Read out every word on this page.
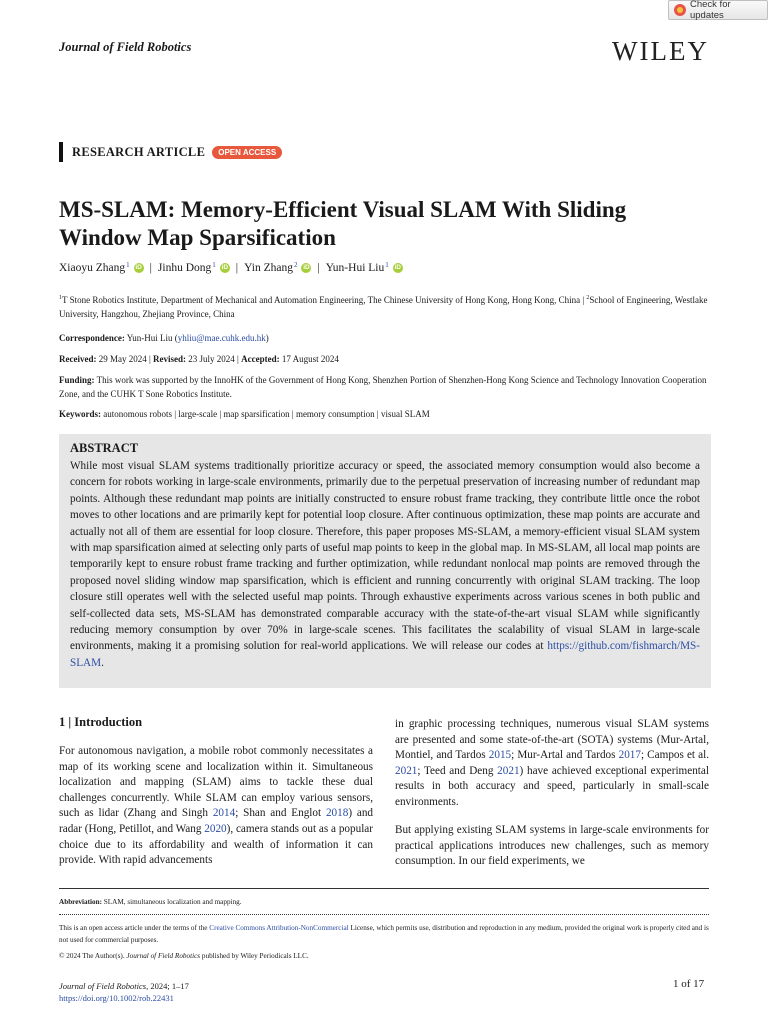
Journal of Field Robotics	WILEY
Check for updates
RESEARCH ARTICLE	OPEN ACCESS
MS-SLAM: Memory-Efficient Visual SLAM With Sliding
Window Map Sparsification
Xiaoyu Zhang$^1$ iD | Jinhu Dong$^1$ iD | Yin Zhang$^2$ iD | Yun-Hui Liu$^1$ iD
$^1$T Stone Robotics Institute, Department of Mechanical and Automation Engineering, The Chinese University of Hong Kong, Hong Kong, China | $^2$School of Engineering, Westlake University, Hangzhou, Zhejiang Province, China
Correspondence: Yun-Hui Liu (yhliu@mae.cuhk.edu.hk)
Received: 29 May 2024 | Revised: 23 July 2024 | Accepted: 17 August 2024
Funding: This work was supported by the InnoHK of the Government of Hong Kong, Shenzhen Portion of Shenzhen-Hong Kong Science and Technology Innovation Cooperation Zone, and the CUHK T Sone Robotics Institute.
Keywords: autonomous robots | large-scale | map sparsification | memory consumption | visual SLAM
ABSTRACT
While most visual SLAM systems traditionally prioritize accuracy or speed, the associated memory consumption would also become a concern for robots working in large-scale environments, primarily due to the perpetual preservation of increasing number of redundant map points. Although these redundant map points are initially constructed to ensure robust frame tracking, they contribute little once the robot moves to other locations and are primarily kept for potential loop closure. After continuous optimization, these map points are accurate and actually not all of them are essential for loop closure. Therefore, this paper proposes MS-SLAM, a memory-efficient visual SLAM system with map sparsification aimed at selecting only parts of useful map points to keep in the global map. In MS-SLAM, all local map points are temporarily kept to ensure robust frame tracking and further optimization, while redundant nonlocal map points are removed through the proposed novel sliding window map sparsification, which is efficient and running concurrently with original SLAM tracking. The loop closure still operates well with the selected useful map points. Through exhaustive experiments across various scenes in both public and self-collected data sets, MS-SLAM has demonstrated comparable accuracy with the state-of-the-art visual SLAM while significantly reducing memory consumption by over 70% in large-scale scenes. This facilitates the scalability of visual SLAM in large-scale environments, making it a promising solution for real-world applications. We will release our codes at https://github.com/fishmarch/MS-SLAM.
1 | Introduction
For autonomous navigation, a mobile robot commonly necessitates a map of its working scene and localization within it. Simultaneous localization and mapping (SLAM) aims to tackle these dual challenges concurrently. While SLAM can employ various sensors, such as lidar (Zhang and Singh 2014; Shan and Englot 2018) and radar (Hong, Petillot, and Wang 2020), camera stands out as a popular choice due to its affordability and wealth of information it can provide. With rapid advancements
in graphic processing techniques, numerous visual SLAM systems are presented and some state-of-the-art (SOTA) systems (Mur-Artal, Montiel, and Tardos 2015; Mur-Artal and Tardos 2017; Campos et al. 2021; Teed and Deng 2021) have achieved exceptional experimental results in both accuracy and speed, particularly in small-scale environments.
But applying existing SLAM systems in large-scale environments for practical applications introduces new challenges, such as memory consumption. In our field experiments, we
Abbreviation: SLAM, simultaneous localization and mapping.
This is an open access article under the terms of the Creative Commons Attribution-NonCommercial License, which permits use, distribution and reproduction in any medium, provided the original work is properly cited and is not used for commercial purposes.
© 2024 The Author(s). Journal of Field Robotics published by Wiley Periodicals LLC.
Journal of Field Robotics, 2024; 1–17
https://doi.org/10.1002/rob.22431
1 of 17
